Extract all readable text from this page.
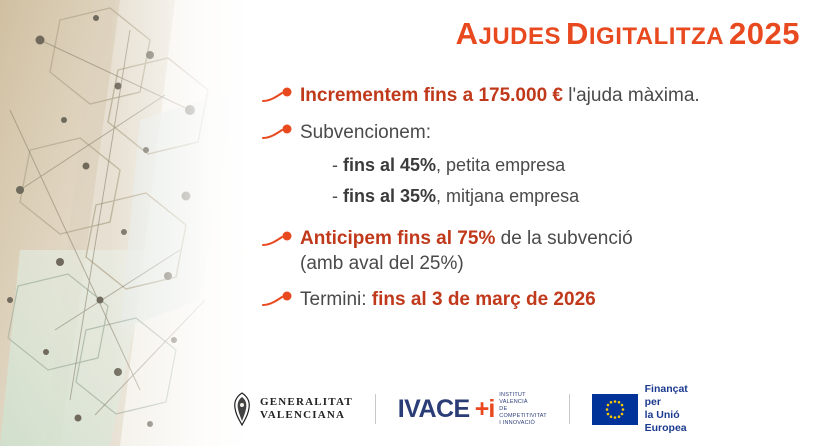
AJUDES DIGITALITZA 2025
Incrementem fins a 175.000 € l'ajuda màxima.
Subvencionem:
- fins al 45%, petita empresa
- fins al 35%, mitjana empresa
Anticipem fins al 75% de la subvenció
(amb aval del 25%)
Termini: fins al 3 de març de 2026
GENERALITAT
VALENCIANA	IVACE +i INSTITUT VALENCIÀ
DE COMPETITIVITAT
I INNOVACIÓ
Finançat per
la Unió Europea
